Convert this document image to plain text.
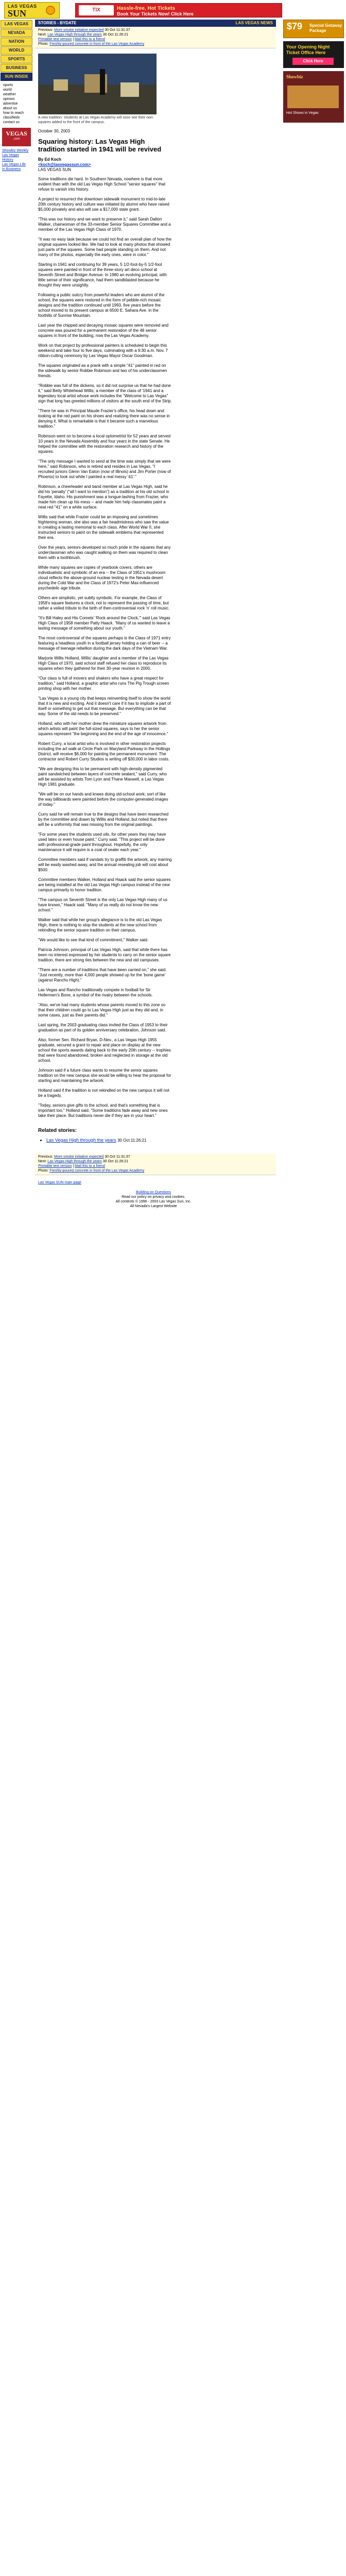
LAS VEGAS
SUN	TIX	Hassle-free, Hot Tickets
Book Your Tickets Now! Click Here
LAS VEGAS
NEVADA
NATION
WORLD
SPORTS
BUSINESS
SUN INSIDE
sports
world
weather
opinion
advertise
about us
how to reach
classifieds
contact us
VEGAS
.com
Showbiz Weekly
Las Vegas History
Las Vegas Life
In Business
STORIES - BYDATE	LAS VEGAS NEWS
Previous: More smoke initiative expected 30 Oct 11:31:37
Next: Las Vegas High through the years 30 Oct 11:26:21
Printable text version | Mail this to a friend
Photo: Freshly-poured concrete in front of the Las Vegas Academy
A new tradition: Students at Las Vegas Academy will soon see their own squares added to the front of the campus.
October 30, 2003
Squaring history: Las Vegas High tradition started in 1941 will be revived
By Ed Koch
<koch@lasvegassun.com>
LAS VEGAS SUN

Some traditions die hard. In Southern Nevada, nowhere is that more evident than with the old Las Vegas High School "senior squares" that refuse to vanish into history.

A project to resurrect the downtown sidewalk monument to mid-to-late 20th century history and culture was initiated by alumni who have raised $5,000 privately and also will use a $17,000 state grant.

"This was our history and we want to preserve it," said Sarah Dalton Walker, chairwoman of the 33-member Senior Squares Committee and a member of the Las Vegas High Class of 1970.

"It was no easy task because we could not find an overall plan of how the original squares looked like. We had to look at many photos that showed just parts of the squares. Some had people standing on them. And not many of the photos, especially the early ones, were in color."

Starting in 1941 and continuing for 39 years, 5 1/2-foot-by-5 1/2-foot squares were painted in front of the three-story art deco school at Seventh Street and Bridger Avenue. In 1980 an evolving principal, with little sense of their significance, had them sandblasted because he thought they were unsightly.

Following a public outcry from powerful leaders who are alumni of the school, the squares were restored in the form of pebble-rich mosaic designs and the tradition continued until 1993, five years before the school moved to its present campus at 6500 E. Sahara Ave. in the foothills of Sunrise Mountain.

Last year the chipped and decaying mosaic squares were removed and concrete was poured for a permanent restoration of the 48 senior squares in front of the building, now the Las Vegas Academy.

Work on that project by professional painters is scheduled to begin this weekend and take four to five days, culminating with a 9:30 a.m. Nov. 7 ribbon-cutting ceremony by Las Vegas Mayor Oscar Goodman.

The squares originated as a prank with a simple "41" painted in red on the sidewalk by senior Robbie Robinson and two of his underclassmen friends.

"Robbie was full of the dickens, so it did not surprise us that he had done it," said Betty Whitehead Willis, a member of the class of '1941 and a legendary local artist whose work includes the "Welcome to Las Vegas" sign that long has greeted millions of visitors at the south end of the Strip.

"There he was in Principal Maude Frazier's office, his head down and looking at the red paint on his shoes and realizing there was no sense in denying it. What is remarkable is that it became such a marvelous tradition."

Robinson went on to become a local optometrist for 52 years and served 10 years in the Nevada Assembly and four years in the state Senate. He helped the committee with the restoration research and history of the squares.

"The only message I wanted to send at the time was simply that we were here," said Robinson, who is retired and resides in Las Vegas. "I recruited juniors Glenn Van Eaton (now of Illinois) and Jim Porter (now of Phoenix) to look out while I painted a real messy '41'."

Robinson, a cheerleader and band member at Las Vegas High, said he did his 'penalty' ("all I want to mention") as a tradition at his old school in Fayette, Idaho. His punishment was a tongue-lashing from Frazier, who made him clean up his mess -- and made him help classmates paint a neat red "41" on a white surface.

Willis said that while Frazier could be an imposing and sometimes frightening woman, she also was a fair headmistress who saw the value in creating a lasting memorial to each class. After World War II, she instructed seniors to paint on the sidewalk emblems that represented their era.

Over the years, seniors developed so much pride in the squares that any underclassman who was caught walking on them was required to clean them with a toothbrush.

While many squares are copies of yearbook covers, others are individualistic and symbolic of an era -- the Class of 1951's mushroom cloud reflects the above-ground nuclear testing in the Nevada desert during the Cold War and the Class of 1972's Peter Max-influenced psychedelic age tribute.

Others are simplistic, yet subtly symbolic. For example, the Class of 1958's square features a clock, not to represent the passing of time, but rather a veiled tribute to the birth of then-controversial rock 'n' roll music.

"It's Bill Haley and His Comets' 'Rock around the Clock,'" said Las Vegas High Class of 1958 member Patty Haack. "Many of us wanted to leave a lasting message of something about our youth."

The most controversial of the squares perhaps is the Class of 1971 entry featuring a headless youth in a football jersey holding a can of beer -- a message of teenage rebellion during the dark days of the Vietnam War.

Marjorie Willis Holland, Willis' daughter and a member of the Las Vegas High Class of 1970, said school staff refused her class to reproduce its squares when they gathered for their 30-year reunion in 2000.

"Our class is full of movers and shakers who have a great respect for tradition," said Holland, a graphic artist who runs The Pig Trough screen printing shop with her mother.

"Las Vegas is a young city that keeps reinventing itself to show the world that it is new and exciting. And it doesn't care if it has to implode a part of itself or something to get out that message. But everything can be that way. Some of the old needs to be preserved."

Holland, who with her mother drew the miniature squares artwork from which artists will paint the full-sized squares, says to her the senior squares represent "the beginning and the end of the age of innocence."

Robert Curry, a local artist who is involved in other restoration projects including the art walk at Circle Park on Maryland Parkway in the Hollings District, will receive $6,000 for painting the permanent monument. The contractor and Robert Curry Studios is writing off $30,000 in labor costs.

"We are designing this to be permanent with high-density pigmented paint sandwiched between layers of concrete sealant," said Curry, who will be assisted by artists Tom Lyon and Thane Maxwell, a Las Vegas High 1981 graduate.

"We will be on our hands and knees doing old-school work; sort of like the way billboards were painted before the computer-generated images of today."

Curry said he will remain true to the designs that have been researched by the committee and drawn by Willis and Holland, but noted that there will be a uniformity that was missing from the original paintings.

"For some years the students used oils, for other years they may have used latex or even house paint," Curry said. "This project will be done with professional-grade paint throughout. Hopefully, the only maintenance it will require is a coat of sealer each year."

Committee members said if vandals try to graffiti the artwork, any marring will be easily washed away, and the annual resealing job will cost about $500.

Committee members Walker, Holland and Haack said the senior squares are being installed at the old Las Vegas High campus instead of the new campus primarily to honor tradition.

"The campus on Seventh Street is the only Las Vegas High many of us have known," Haack said. "Many of us really do not know the new school."

Walker said that while her group's allegiance is to the old Las Vegas High, there is nothing to stop the students at the new school from rekindling the senior square tradition on their campus.

"We would like to see that kind of commitment," Walker said.

Patricia Johnson, principal of Las Vegas High, said that while there has been no interest expressed by her students to carry on the senior square tradition, there are strong ties between the new and old campuses.

"There are a number of traditions that have been carried on," she said. "Just recently, more than 4,000 people showed up for the 'bone game' (against Rancho High)."

Las Vegas and Rancho traditionally compete in football for Sir Hellermen's Bone, a symbol of the rivalry between the schools.

"Also, we've had many students whose parents moved to this zone so that their children could go to Las Vegas High just as they did and, in some cases, just as their parents did."

Last spring, the 2003 graduating class invited the Class of 1953 to their graduation as part of its golden anniversary celebration, Johnson said.

Also, former Sen. Richard Bryan, D-Nev., a Las Vegas High 1955 graduate, secured a grant to repair and place on display at the new school the sports awards dating back to the early 20th century -- trophies that were found abandoned, broken and neglected in storage at the old school.

Johnson said if a future class wants to resume the senior squares tradition on the new campus she would be willing to hear the proposal for starting and maintaining the artwork.

Holland said if the tradition is not rekindled on the new campus it will not be a tragedy.

"Today, seniors give gifts to the school, and that's something that is important too," Holland said. "Some traditions fade away and new ones take their place. But traditions never die if they are in your heart."

Related stories:
• Las Vegas High through the years 30 Oct 11:26:21
Previous: More smoke initiative expected 30 Oct 11:31:37
Next: Las Vegas High through the years 30 Oct 11:26:21
Printable text version | Mail this to a friend
Photo: Freshly-poured concrete in front of the Las Vegas Academy
Las Vegas SUN main page
Building on Questions
Read our policy on privacy and cookies.
All contents © 1996 - 2003 Las Vegas Sun, Inc.
All Nevada's Largest Website
$79 Special Getaway Package
Your Opening Night Ticket Office Here
Click Here
Showbiz
Hot Shows in Vegas
